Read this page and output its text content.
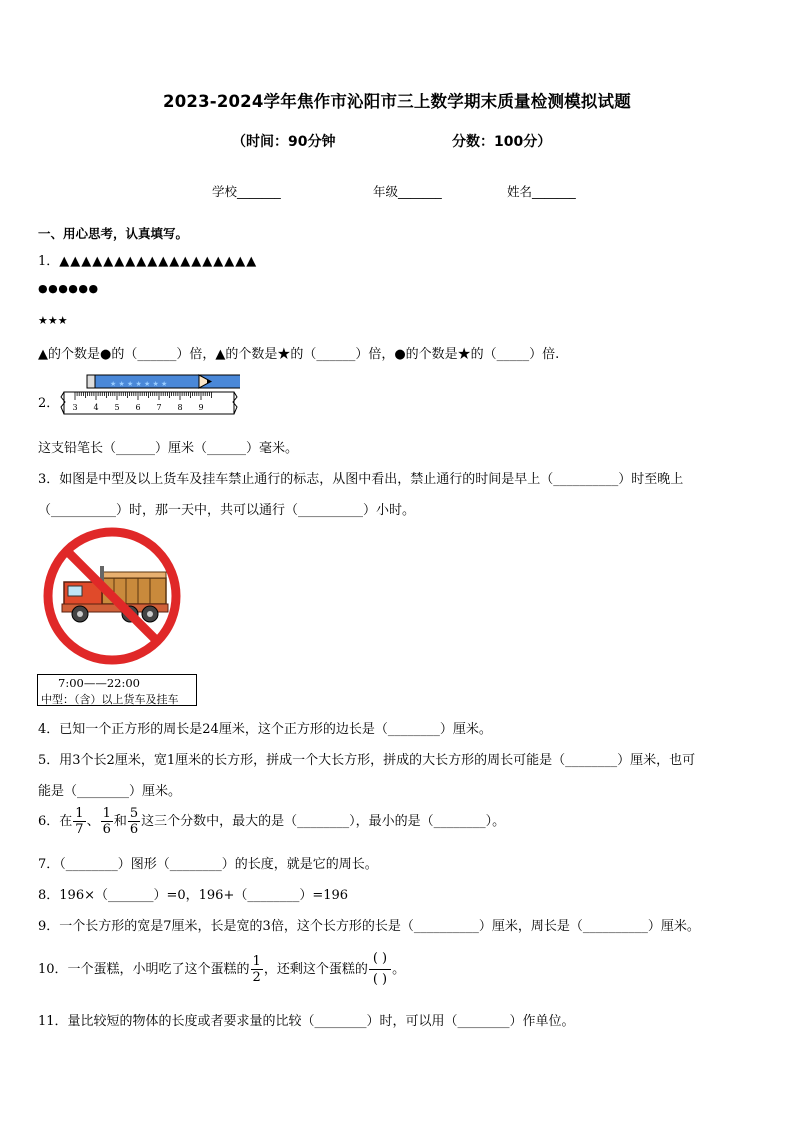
2023-2024学年焦作市沁阳市三上数学期末质量检测模拟试题
（时间：90分钟	分数：100分）
学校_______	年级_______	姓名_______
一、用心思考，认真填写。
1．▲▲▲▲▲▲▲▲▲▲▲▲▲▲▲▲▲▲
●●●●●●
★★★
▲的个数是●的（______）倍，▲的个数是★的（______）倍，●的个数是★的（_____）倍.
2．
★ ★ ★ ★ ★ ★ ★
3 4 5 6 7 8 9
这支铅笔长（______）厘米（______）毫米。
3．如图是中型及以上货车及挂车禁止通行的标志，从图中看出，禁止通行的时间是早上（__________）时至晚上
（__________）时，那一天中，共可以通行（__________）小时。
7:00——22:00
中型：（含）以上货车及挂车
4．已知一个正方形的周长是24厘米，这个正方形的边长是（________）厘米。
5．用3个长2厘米，宽1厘米的长方形，拼成一个大长方形，拼成的大长方形的周长可能是（________）厘米，也可
能是（________）厘米。
6．在 $\frac{1}{7}$ 、 $\frac{1}{6}$ 和 $\frac{5}{6}$ 这三个分数中，最大的是（________），最小的是（________）。
7．（________）图形（________）的长度，就是它的周长。
8．196×（_______）=0，196+（________）=196
9．一个长方形的宽是7厘米，长是宽的3倍，这个长方形的长是（__________）厘米，周长是（__________）厘米。
10．一个蛋糕，小明吃了这个蛋糕的 $\frac{1}{2}$ ，还剩这个蛋糕的 $\frac{( )}{( )}$ 。
11．量比较短的物体的长度或者要求量的比较（________）时，可以用（________）作单位。
